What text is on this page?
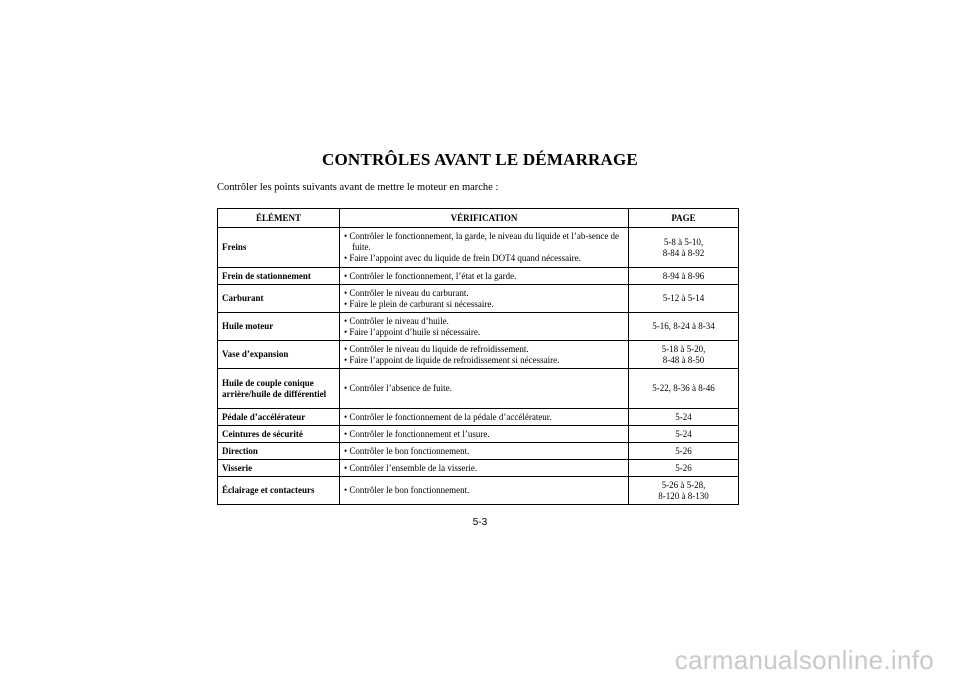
CONTRÔLES AVANT LE DÉMARRAGE

Contrôler les points suivants avant de mettre le moteur en marche :

ÉLÉMENT	VÉRIFICATION	PAGE
Freins	• Contrôler le fonctionnement, la garde, le niveau du liquide et l’ab-sence de fuite.
• Faire l’appoint avec du liquide de frein DOT4 quand nécessaire.	5-8 à 5-10,
8-84 à 8-92

Frein de stationnement	• Contrôler le fonctionnement, l’état et la garde.	8-94 à 8-96

Carburant	• Contrôler le niveau du carburant.
• Faire le plein de carburant si nécessaire.	5-12 à 5-14

Huile moteur	• Contrôler le niveau d’huile.
• Faire l’appoint d’huile si nécessaire.	5-16, 8-24 à 8-34

Vase d’expansion	• Contrôler le niveau du liquide de refroidissement.
• Faire l’appoint de liquide de refroidissement si nécessaire.	5-18 à 5-20,
8-48 à 8-50

Huile de couple conique arrière/huile de différentiel	• Contrôler l’absence de fuite.	5-22, 8-36 à 8-46

Pédale d’accélérateur	• Contrôler le fonctionnement de la pédale d’accélérateur.	5-24

Ceintures de sécurité	• Contrôler le fonctionnement et l’usure.	5-24

Direction	• Contrôler le bon fonctionnement.	5-26

Visserie	• Contrôler l’ensemble de la visserie.	5-26

Éclairage et contacteurs	• Contrôler le bon fonctionnement.	5-26 à 5-28,
8-120 à 8-130

5-3

carmanualsonline.info
